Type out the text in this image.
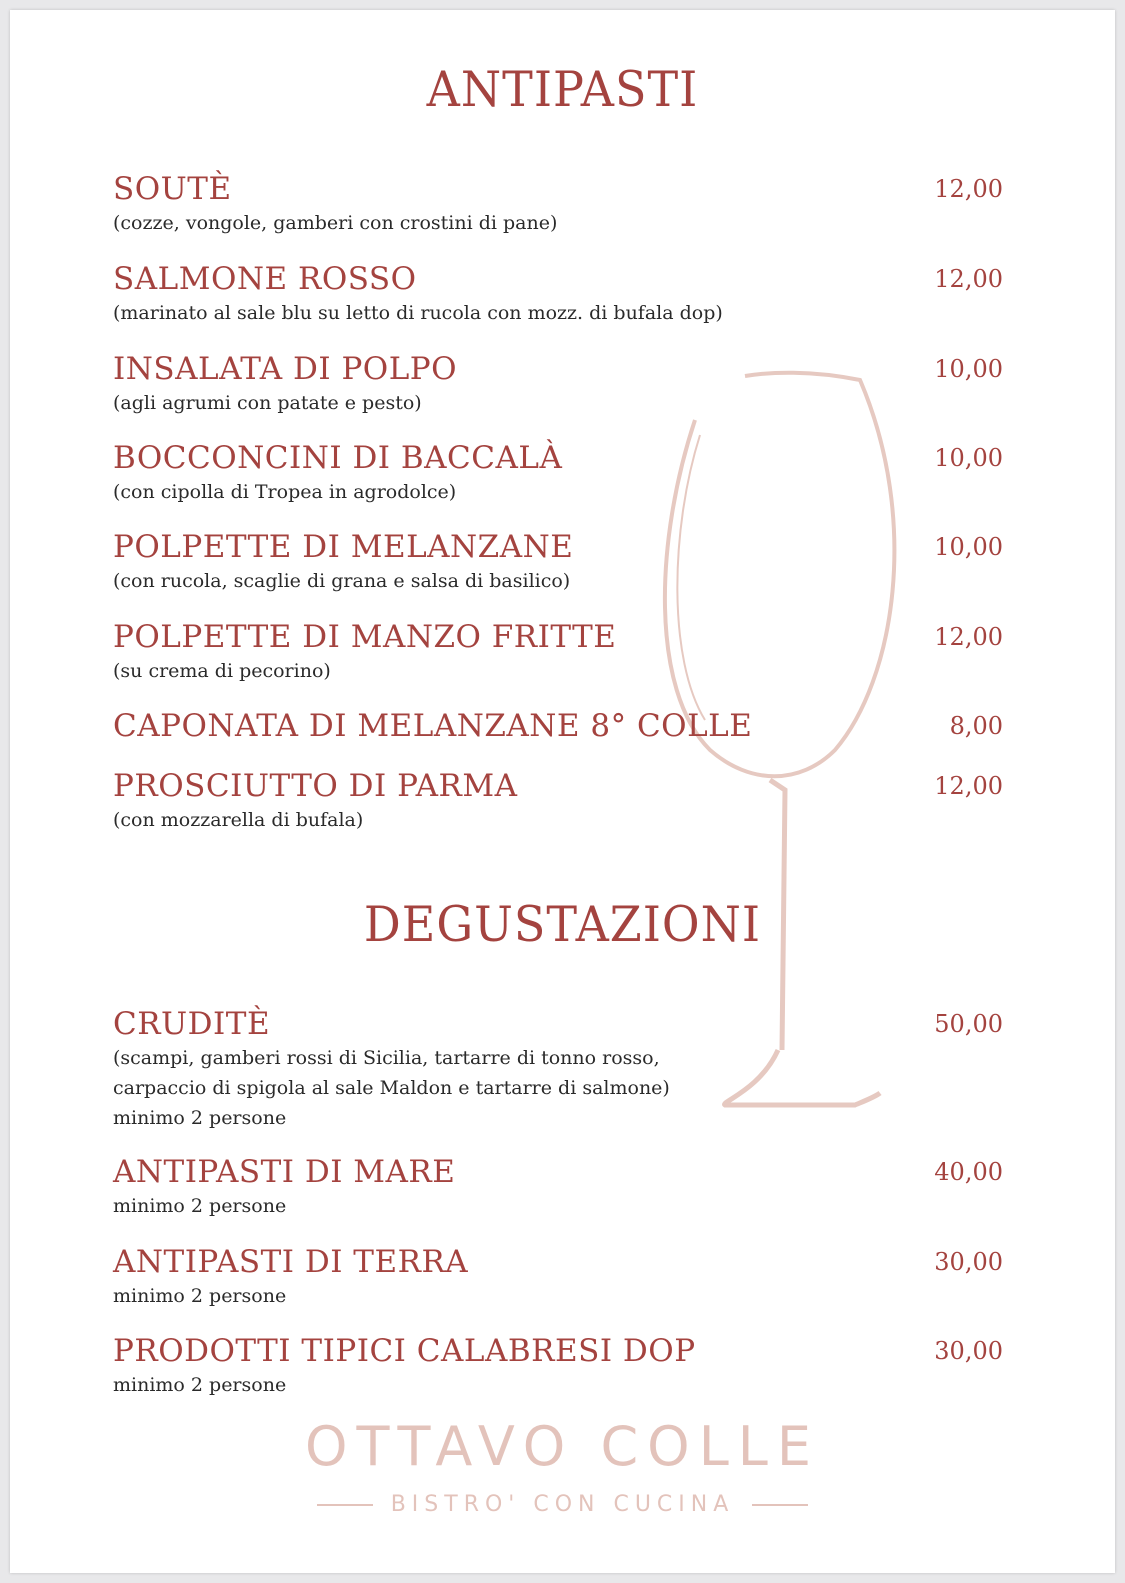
ANTIPASTI
SOUTÈ
(cozze, vongole, gamberi con crostini di pane)
12,00
SALMONE ROSSO
(marinato al sale blu su letto di rucola con mozz. di bufala dop)
12,00
INSALATA DI POLPO
(agli agrumi con patate e pesto)
10,00
BOCCONCINI DI BACCALÀ
(con cipolla di Tropea in agrodolce)
10,00
POLPETTE DI MELANZANE
(con rucola, scaglie di grana e salsa di basilico)
10,00
POLPETTE DI MANZO FRITTE
(su crema di pecorino)
12,00
CAPONATA DI MELANZANE 8° COLLE	8,00
PROSCIUTTO DI PARMA
(con mozzarella di bufala)
12,00
DEGUSTAZIONI
CRUDITÈ
(scampi, gamberi rossi di Sicilia, tartarre di tonno rosso,
carpaccio di spigola al sale Maldon e tartarre di salmone)
minimo 2 persone
50,00
ANTIPASTI DI MARE
minimo 2 persone
40,00
ANTIPASTI DI TERRA
minimo 2 persone
30,00
PRODOTTI TIPICI CALABRESI DOP
minimo 2 persone
30,00
OTTAVO COLLE
BISTRO' CON CUCINA
